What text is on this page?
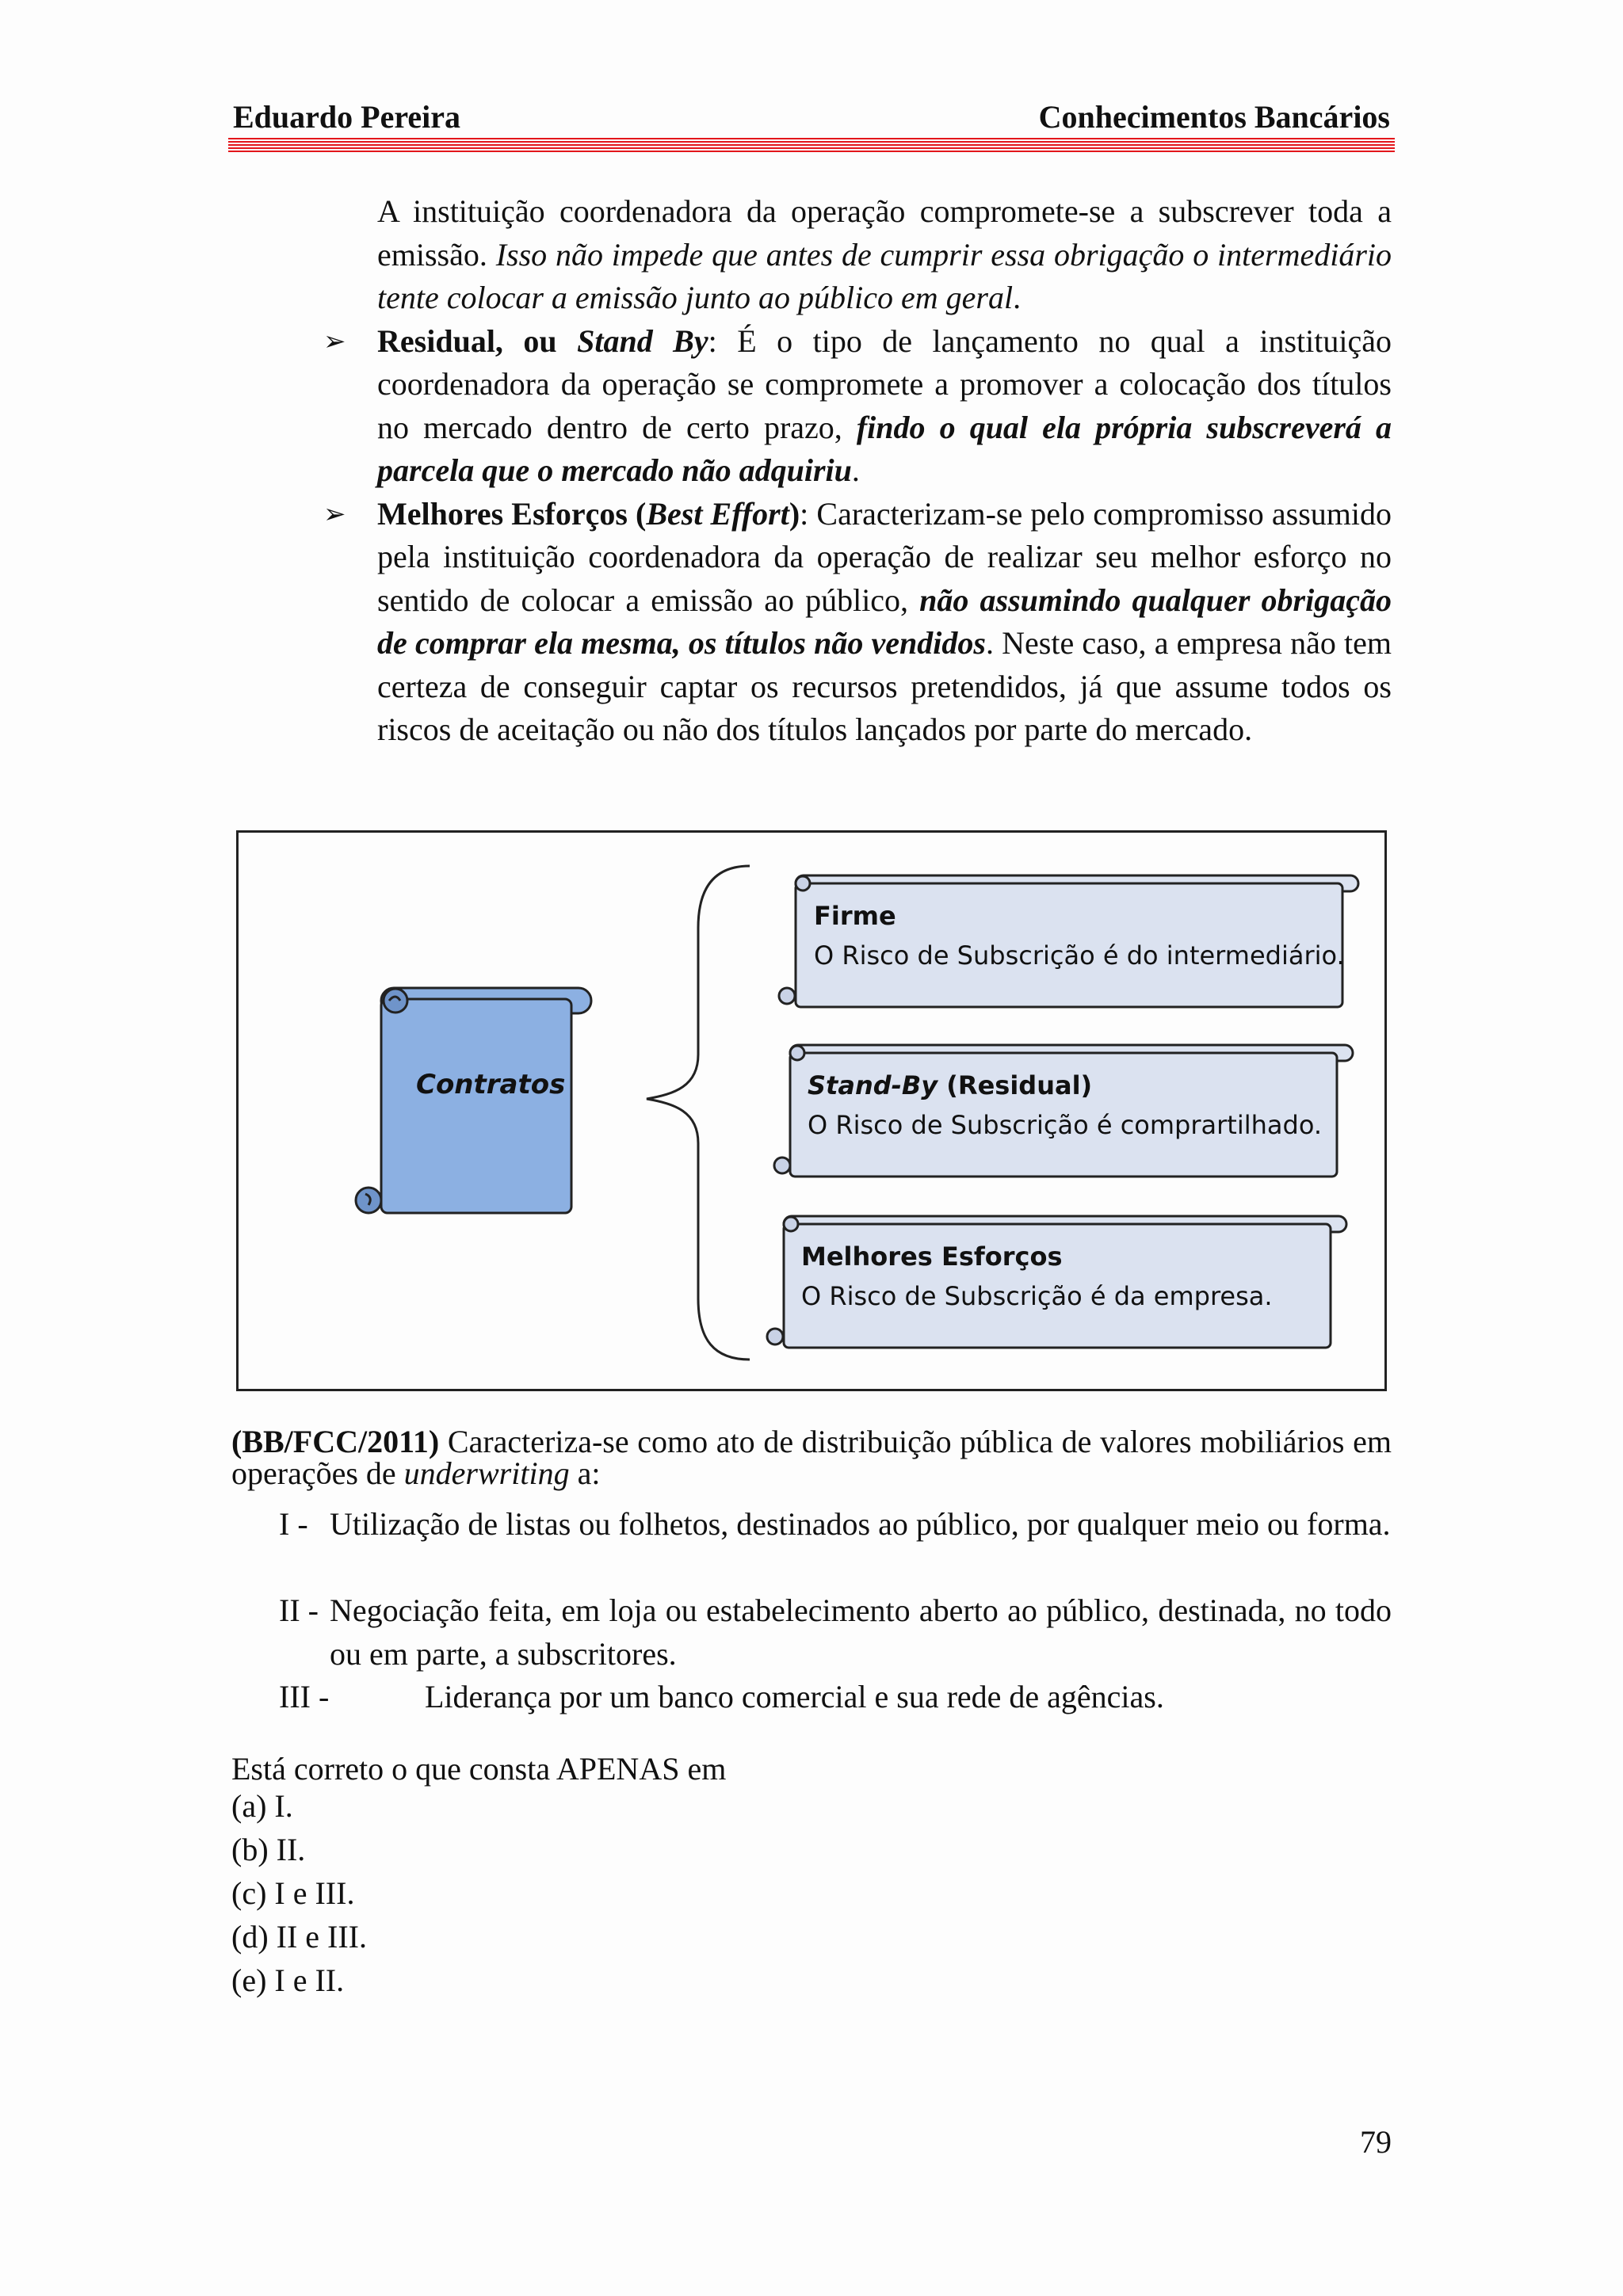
Eduardo Pereira	Conhecimentos Bancários

A instituição coordenadora da operação compromete-se a subscrever toda a emissão. Isso não impede que antes de cumprir essa obrigação o intermediário tente colocar a emissão junto ao público em geral.

➢ Residual, ou Stand By: É o tipo de lançamento no qual a instituição coordenadora da operação se compromete a promover a colocação dos títulos no mercado dentro de certo prazo, findo o qual ela própria subscreverá a parcela que o mercado não adquiriu.

➢ Melhores Esforços (Best Effort): Caracterizam-se pelo compromisso assumido pela instituição coordenadora da operação de realizar seu melhor esforço no sentido de colocar a emissão ao público, não assumindo qualquer obrigação de comprar ela mesma, os títulos não vendidos. Neste caso, a empresa não tem certeza de conseguir captar os recursos pretendidos, já que assume todos os riscos de aceitação ou não dos títulos lançados por parte do mercado.

Contratos
Firme
O Risco de Subscrição é do intermediário.
Stand-By (Residual)
O Risco de Subscrição é comprartilhado.
Melhores Esforços
O Risco de Subscrição é da empresa.
(BB/FCC/2011) Caracteriza-se como ato de distribuição pública de valores mobiliários em operações de underwriting a:
I - Utilização de listas ou folhetos, destinados ao público, por qualquer meio ou forma.
II - Negociação feita, em loja ou estabelecimento aberto ao público, destinada, no todo ou em parte, a subscritores.
III -	Liderança por um banco comercial e sua rede de agências.
Está correto o que consta APENAS em
(a) I.
(b) II.
(c) I e III.
(d) II e III.
(e) I e II.
79
